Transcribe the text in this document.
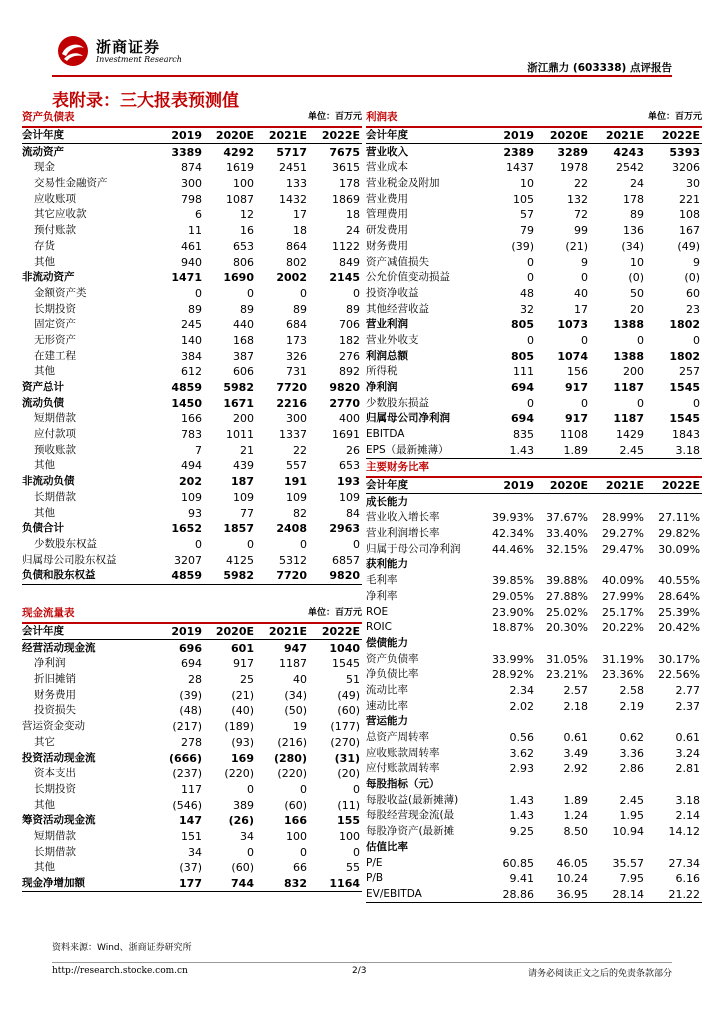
浙商证券
Investment Research
浙江鼎力 (603338) 点评报告
表附录：三大报表预测值
资产负债表			单位：百万元	
会计年度	2019	2020E	2021E	2022E
流动资产	3389	4292	5717	7675
现金	874	1619	2451	3615
交易性金融资产	300	100	133	178
应收账项	798	1087	1432	1869
其它应收款	6	12	17	18
预付账款	11	16	18	24
存货	461	653	864	1122
其他	940	806	802	849
非流动资产	1471	1690	2002	2145
金额资产类	0	0	0	0
长期投资	89	89	89	89
固定资产	245	440	684	706
无形资产	140	168	173	182
在建工程	384	387	326	276
其他	612	606	731	892
资产总计	4859	5982	7720	9820
流动负债	1450	1671	2216	2770
短期借款	166	200	300	400
应付款项	783	1011	1337	1691
预收账款	7	21	22	26
其他	494	439	557	653
非流动负债	202	187	191	193
长期借款	109	109	109	109
其他	93	77	82	84
负债合计	1652	1857	2408	2963
少数股东权益	0	0	0	0
归属母公司股东权益	3207	4125	5312	6857
负债和股东权益	4859	5982	7720	9820
现金流量表			单位：百万元	
会计年度	2019	2020E	2021E	2022E
经营活动现金流	696	601	947	1040
净利润	694	917	1187	1545
折旧摊销	28	25	40	51
财务费用	(39)	(21)	(34)	(49)
投资损失	(48)	(40)	(50)	(60)
营运资金变动	(217)	(189)	19	(177)
其它	278	(93)	(216)	(270)
投资活动现金流	(666)	169	(280)	(31)
资本支出	(237)	(220)	(220)	(20)
长期投资	117	0	0	0
其他	(546)	389	(60)	(11)
筹资活动现金流	147	(26)	166	155
短期借款	151	34	100	100
长期借款	34	0	0	0
其他	(37)	(60)	66	55
现金净增加额	177	744	832	1164
利润表			单位：百万元	
会计年度	2019	2020E	2021E	2022E
营业收入	2389	3289	4243	5393
营业成本	1437	1978	2542	3206
营业税金及附加	10	22	24	30
营业费用	105	132	178	221
管理费用	57	72	89	108
研发费用	79	99	136	167
财务费用	(39)	(21)	(34)	(49)
资产减值损失	0	9	10	9
公允价值变动损益	0	0	(0)	(0)
投资净收益	48	40	50	60
其他经营收益	32	17	20	23
营业利润	805	1073	1388	1802
营业外收支	0	0	0	0
利润总额	805	1074	1388	1802
所得税	111	156	200	257
净利润	694	917	1187	1545
少数股东损益	0	0	0	0
归属母公司净利润	694	917	1187	1545
EBITDA	835	1108	1429	1843
EPS（最新摊薄）	1.43	1.89	2.45	3.18
主要财务比率				
会计年度	2019	2020E	2021E	2022E
成长能力				
营业收入增长率	39.93%	37.67%	28.99%	27.11%
营业利润增长率	42.34%	33.40%	29.27%	29.82%
归属于母公司净利润	44.46%	32.15%	29.47%	30.09%
获利能力				
毛利率	39.85%	39.88%	40.09%	40.55%
净利率	29.05%	27.88%	27.99%	28.64%
ROE	23.90%	25.02%	25.17%	25.39%
ROIC	18.87%	20.30%	20.22%	20.42%
偿债能力				
资产负债率	33.99%	31.05%	31.19%	30.17%
净负债比率	28.92%	23.21%	23.36%	22.56%
流动比率	2.34	2.57	2.58	2.77
速动比率	2.02	2.18	2.19	2.37
营运能力				
总资产周转率	0.56	0.61	0.62	0.61
应收账款周转率	3.62	3.49	3.36	3.24
应付账款周转率	2.93	2.92	2.86	2.81
每股指标（元）				
每股收益(最新摊薄)	1.43	1.89	2.45	3.18
每股经营现金流(最	1.43	1.24	1.95	2.14
每股净资产(最新摊	9.25	8.50	10.94	14.12
估值比率				
P/E	60.85	46.05	35.57	27.34
P/B	9.41	10.24	7.95	6.16
EV/EBITDA	28.86	36.95	28.14	21.22
资料来源：Wind、浙商证券研究所
http://research.stocke.com.cn	2/3	请务必阅读正文之后的免责条款部分
